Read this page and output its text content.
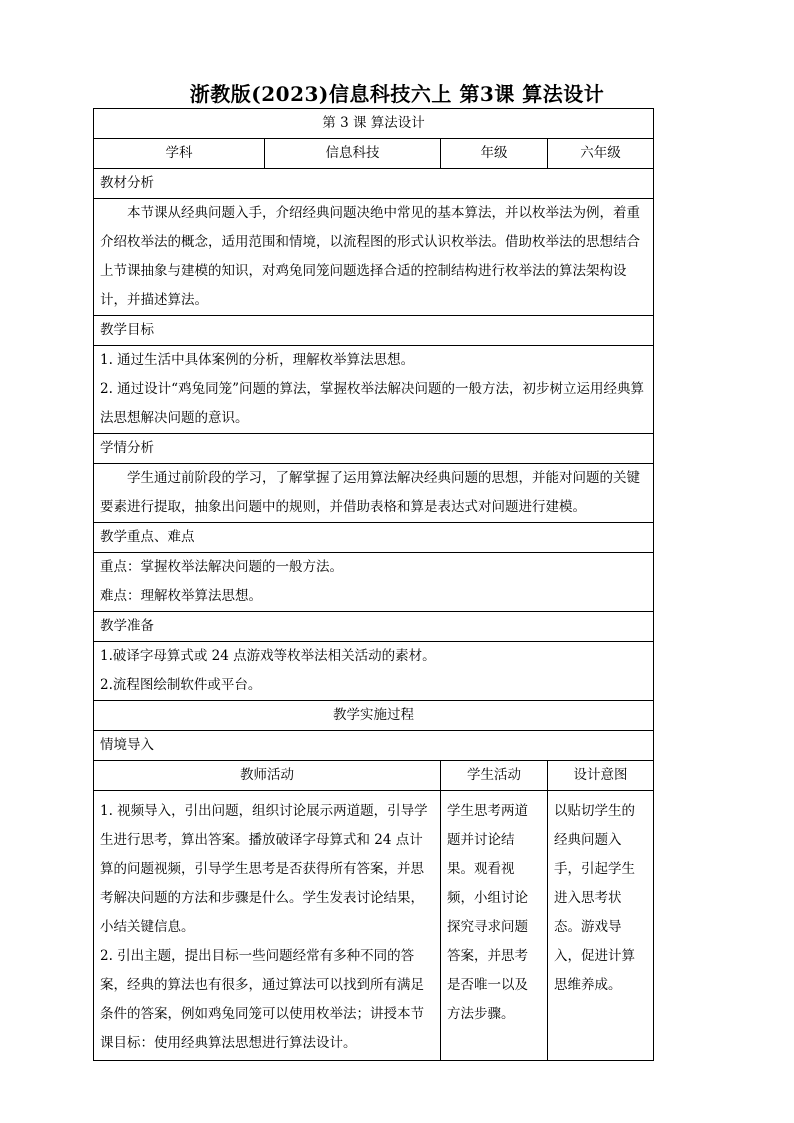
浙教版(2023)信息科技六上 第3课 算法设计
第 3 课 算法设计			
学科	信息科技	年级	六年级
教材分析			
本节课从经典问题入手，介绍经典问题决绝中常见的基本算法，并以枚举法为例，着重介绍枚举法的概念，适用范围和情境，以流程图的形式认识枚举法。借助枚举法的思想结合上节课抽象与建模的知识，对鸡兔同笼问题选择合适的控制结构进行枚举法的算法架构设计，并描述算法。			
教学目标			

1. 通过生活中具体案例的分析，理解枚举算法思想。

2. 通过设计“鸡兔同笼”问题的算法，掌握枚举法解决问题的一般方法，初步树立运用经典算法思想解决问题的意识。			

学情分析			
学生通过前阶段的学习，了解掌握了运用算法解决经典问题的思想，并能对问题的关键要素进行提取，抽象出问题中的规则，并借助表格和算是表达式对问题进行建模。			
教学重点、难点			

重点：掌握枚举法解决问题的一般方法。

难点：理解枚举算法思想。			

教学准备			

1.破译字母算式或 24 点游戏等枚举法相关活动的素材。

2.流程图绘制软件或平台。			

教学实施过程			
情境导入			
教师活动		学生活动	设计意图

1. 视频导入，引出问题，组织讨论展示两道题，引导学生进行思考，算出答案。播放破译字母算式和 24 点计算的问题视频，引导学生思考是否获得所有答案，并思考解决问题的方法和步骤是什么。学生发表讨论结果，小结关键信息。

2. 引出主题，提出目标一些问题经常有多种不同的答案，经典的算法也有很多，通过算法可以找到所有满足条件的答案，例如鸡兔同笼可以使用枚举法；讲授本节课目标：使用经典算法思想进行算法设计。		学生思考两道题并讨论结果。观看视频，小组讨论探究寻求问题答案，并思考是否唯一以及方法步骤。	以贴切学生的经典问题入手，引起学生进入思考状态。游戏导入，促进计算思维养成。
